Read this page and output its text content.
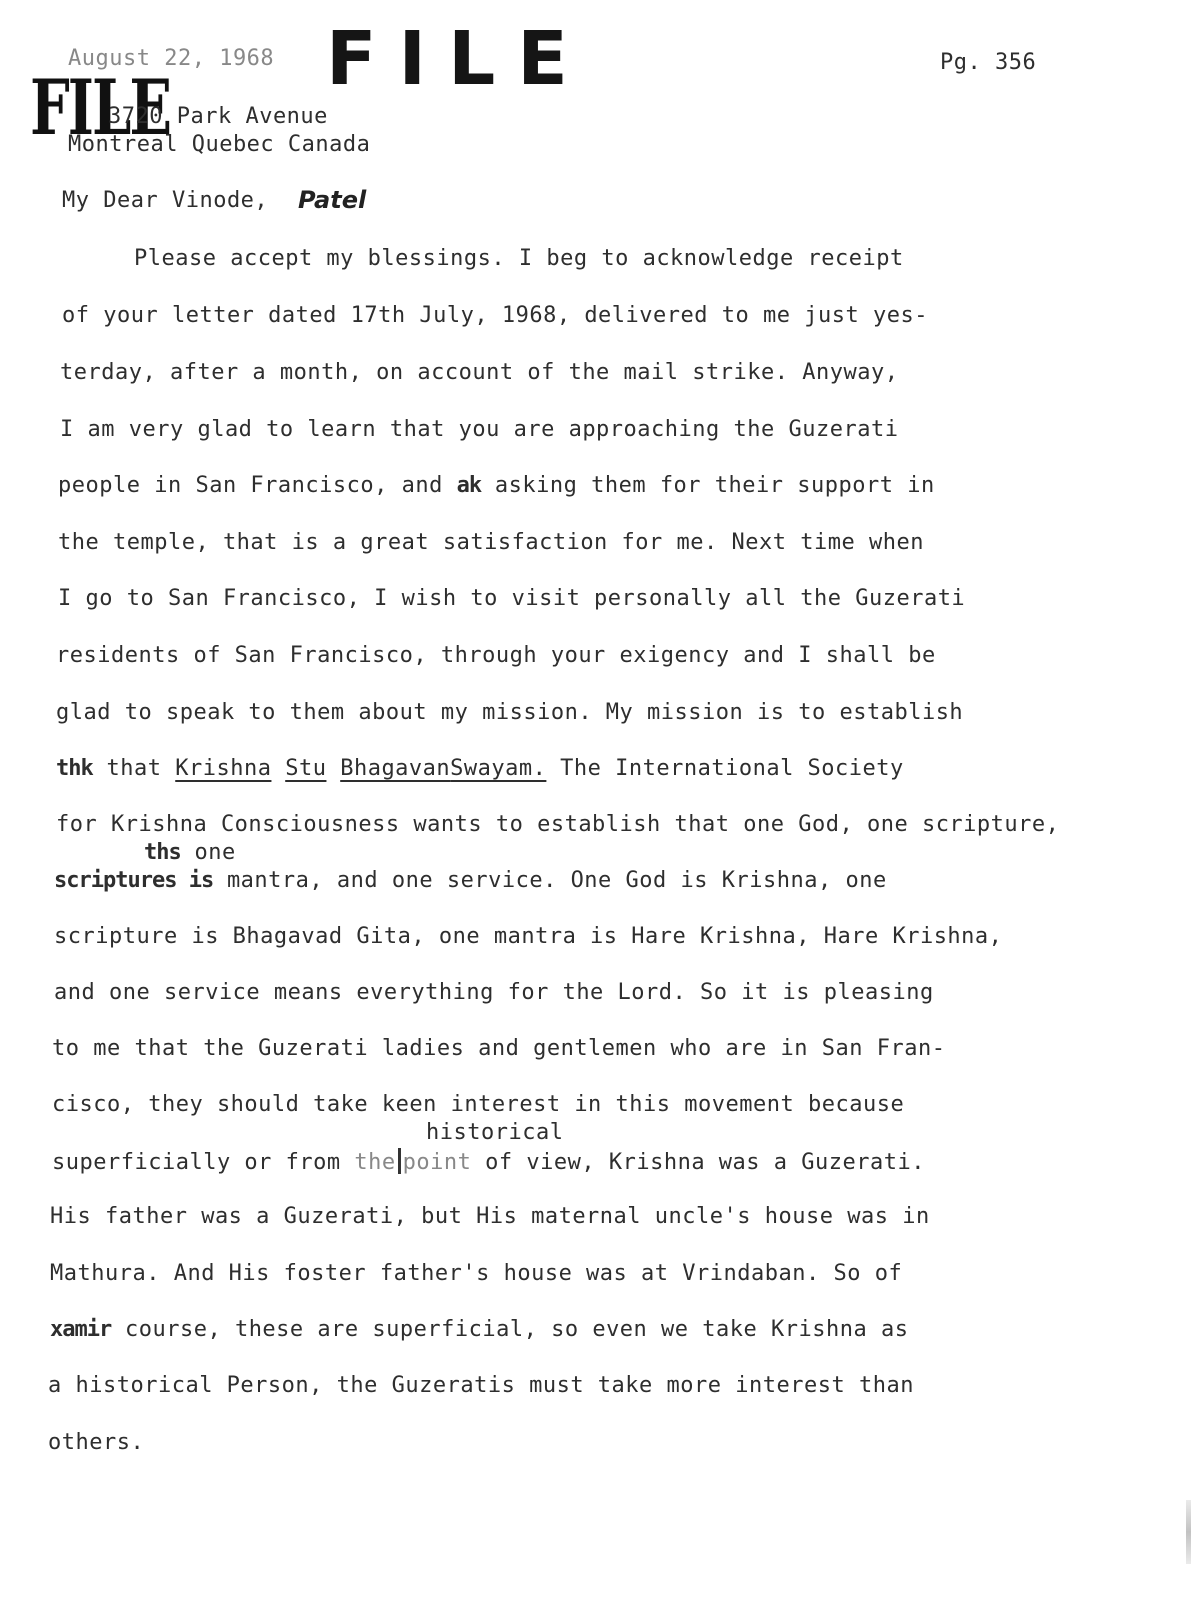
FILE
FILE
August 22, 1968	Pg. 356
3720 Park Avenue
Montreal Quebec Canada
My Dear Vinode, Patel
Please accept my blessings. I beg to acknowledge receipt
of your letter dated 17th July, 1968, delivered to me just yes-
terday, after a month, on account of the mail strike. Anyway,
I am very glad to learn that you are approaching the Guzerati
people in San Francisco, and ak asking them for their support in
the temple, that is a great satisfaction for me. Next time when
I go to San Francisco, I wish to visit personally all the Guzerati
residents of San Francisco, through your exigency and I shall be
glad to speak to them about my mission. My mission is to establish
thk that Krishna Stu BhagavanSwayam. The International Society
for Krishna Consciousness wants to establish that one God, one scripture,
ths one
scriptures is mantra, and one service. One God is Krishna, one
scripture is Bhagavad Gita, one mantra is Hare Krishna, Hare Krishna,
and one service means everything for the Lord. So it is pleasing
to me that the Guzerati ladies and gentlemen who are in San Fran-
cisco, they should take keen interest in this movement because
historical
superficially or from the point of view, Krishna was a Guzerati.
His father was a Guzerati, but His maternal uncle's house was in
Mathura. And His foster father's house was at Vrindaban. So of
xamir course, these are superficial, so even we take Krishna as
a historical Person, the Guzeratis must take more interest than
others.
